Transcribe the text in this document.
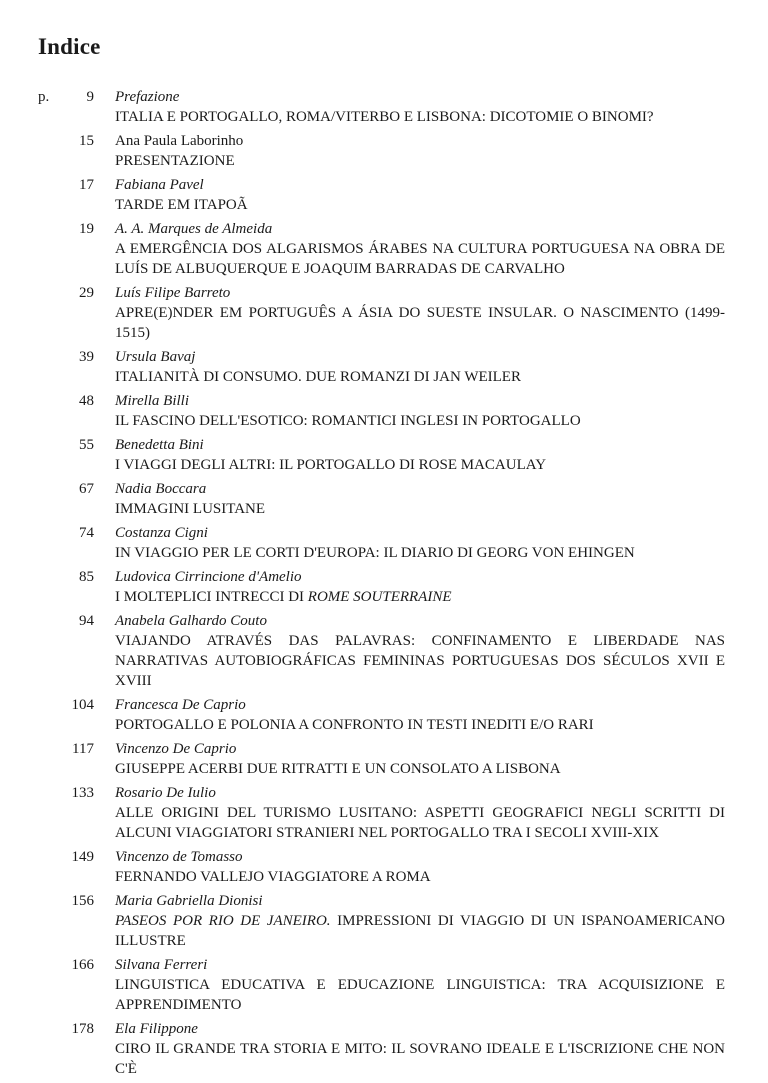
Indice
p.	9 Prefazione
ITALIA E PORTOGALLO, ROMA/VITERBO E LISBONA: DICOTOMIE O BINOMI?
15 Ana Paula Laborinho
PRESENTAZIONE
17 Fabiana Pavel
TARDE EM ITAPOÃ
19 A. A. Marques de Almeida
A EMERGÊNCIA DOS ALGARISMOS ÁRABES NA CULTURA PORTUGUESA NA OBRA DE LUÍS DE ALBUQUERQUE E JOAQUIM BARRADAS DE CARVALHO
29 Luís Filipe Barreto
APRE(E)NDER EM PORTUGUÊS A ÁSIA DO SUESTE INSULAR. O NASCIMENTO (1499-1515)
39 Ursula Bavaj
ITALIANITÀ DI CONSUMO. DUE ROMANZI DI JAN WEILER
48 Mirella Billi
IL FASCINO DELL'ESOTICO: ROMANTICI INGLESI IN PORTOGALLO
55 Benedetta Bini
I VIAGGI DEGLI ALTRI: IL PORTOGALLO DI ROSE MACAULAY
67 Nadia Boccara
IMMAGINI LUSITANE
74 Costanza Cigni
IN VIAGGIO PER LE CORTI D'EUROPA: IL DIARIO DI GEORG VON EHINGEN
85 Ludovica Cirrincione d'Amelio
I MOLTEPLICI INTRECCI DI ROME SOUTERRAINE
94 Anabela Galhardo Couto
VIAJANDO ATRAVÉS DAS PALAVRAS: CONFINAMENTO E LIBERDADE NAS NARRATIVAS AUTOBIOGRÁFICAS FEMININAS PORTUGUESAS DOS SÉCULOS XVII E XVIII
104 Francesca De Caprio
PORTOGALLO E POLONIA A CONFRONTO IN TESTI INEDITI E/O RARI
117 Vincenzo De Caprio
GIUSEPPE ACERBI DUE RITRATTI E UN CONSOLATO A LISBONA
133 Rosario De Iulio
ALLE ORIGINI DEL TURISMO LUSITANO: ASPETTI GEOGRAFICI NEGLI SCRITTI DI ALCUNI VIAGGIATORI STRANIERI NEL PORTOGALLO TRA I SECOLI XVIII-XIX
149 Vincenzo de Tomasso
FERNANDO VALLEJO VIAGGIATORE A ROMA
156 Maria Gabriella Dionisi
PASEOS POR RIO DE JANEIRO. IMPRESSIONI DI VIAGGIO DI UN ISPANOAMERICANO ILLUSTRE
166 Silvana Ferreri
LINGUISTICA EDUCATIVA E EDUCAZIONE LINGUISTICA: TRA ACQUISIZIONE E APPRENDIMENTO
178 Ela Filippone
CIRO IL GRANDE TRA STORIA E MITO: IL SOVRANO IDEALE E L'ISCRIZIONE CHE NON C'È
